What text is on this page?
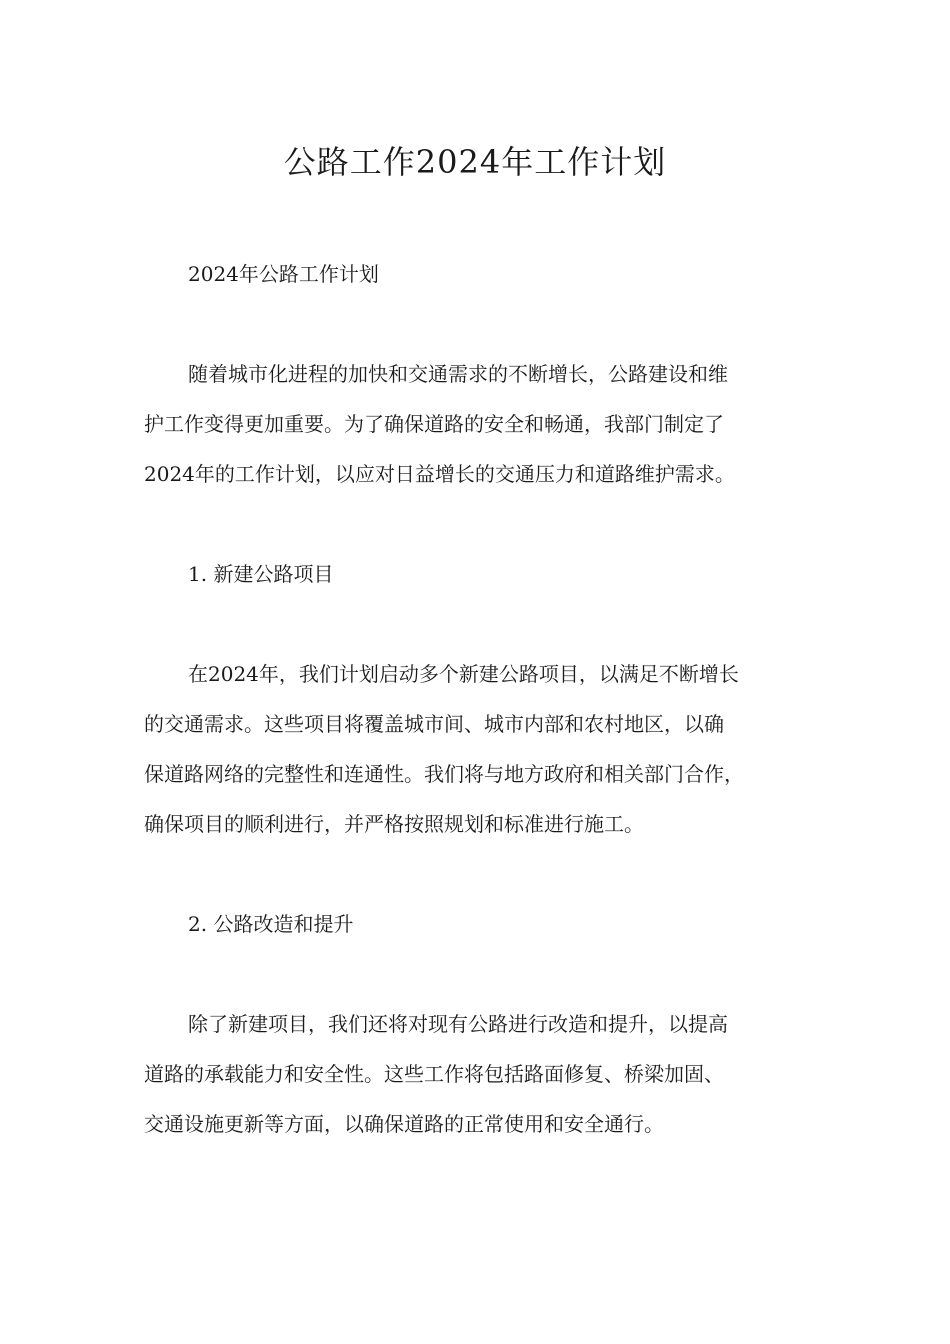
公路工作2024年工作计划
2024年公路工作计划
随着城市化进程的加快和交通需求的不断增长，公路建设和维
护工作变得更加重要。为了确保道路的安全和畅通，我部门制定了
2024年的工作计划，以应对日益增长的交通压力和道路维护需求。
1. 新建公路项目
在2024年，我们计划启动多个新建公路项目，以满足不断增长
的交通需求。这些项目将覆盖城市间、城市内部和农村地区，以确
保道路网络的完整性和连通性。我们将与地方政府和相关部门合作，
确保项目的顺利进行，并严格按照规划和标准进行施工。
2. 公路改造和提升
除了新建项目，我们还将对现有公路进行改造和提升，以提高
道路的承载能力和安全性。这些工作将包括路面修复、桥梁加固、
交通设施更新等方面，以确保道路的正常使用和安全通行。
